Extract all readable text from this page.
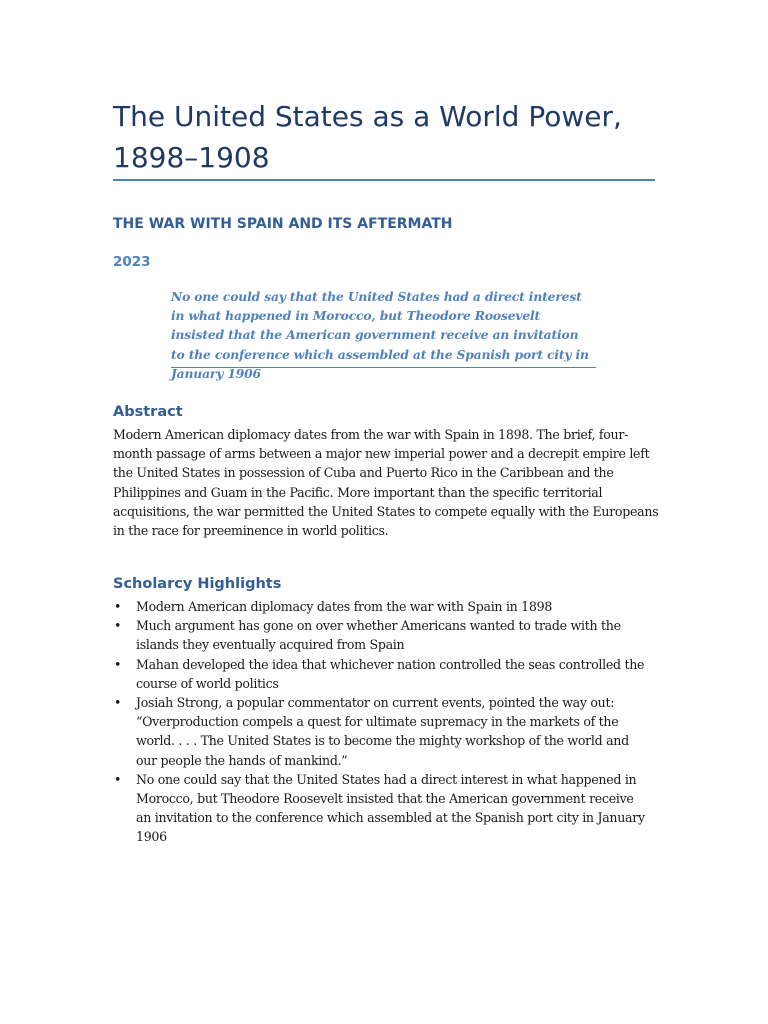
The United States as a World Power, 1898–1908
THE WAR WITH SPAIN AND ITS AFTERMATH
2023
No one could say that the United States had a direct interest in what happened in Morocco, but Theodore Roosevelt insisted that the American government receive an invitation to the conference which assembled at the Spanish port city in January 1906
Abstract

Modern American diplomacy dates from the war with Spain in 1898. The brief, four-month passage of arms between a major new imperial power and a decrepit empire left the United States in possession of Cuba and Puerto Rico in the Caribbean and the Philippines and Guam in the Pacific. More important than the specific territorial acquisitions, the war permitted the United States to compete equally with the Europeans in the race for preeminence in world politics.

Scholarcy Highlights
• Modern American diplomacy dates from the war with Spain in 1898
• Much argument has gone on over whether Americans wanted to trade with the islands they eventually acquired from Spain
• Mahan developed the idea that whichever nation controlled the seas controlled the course of world politics
• Josiah Strong, a popular commentator on current events, pointed the way out: “Overproduction compels a quest for ultimate supremacy in the markets of the world. . . . The United States is to become the mighty workshop of the world and our people the hands of mankind.”
• No one could say that the United States had a direct interest in what happened in Morocco, but Theodore Roosevelt insisted that the American government receive an invitation to the conference which assembled at the Spanish port city in January 1906
